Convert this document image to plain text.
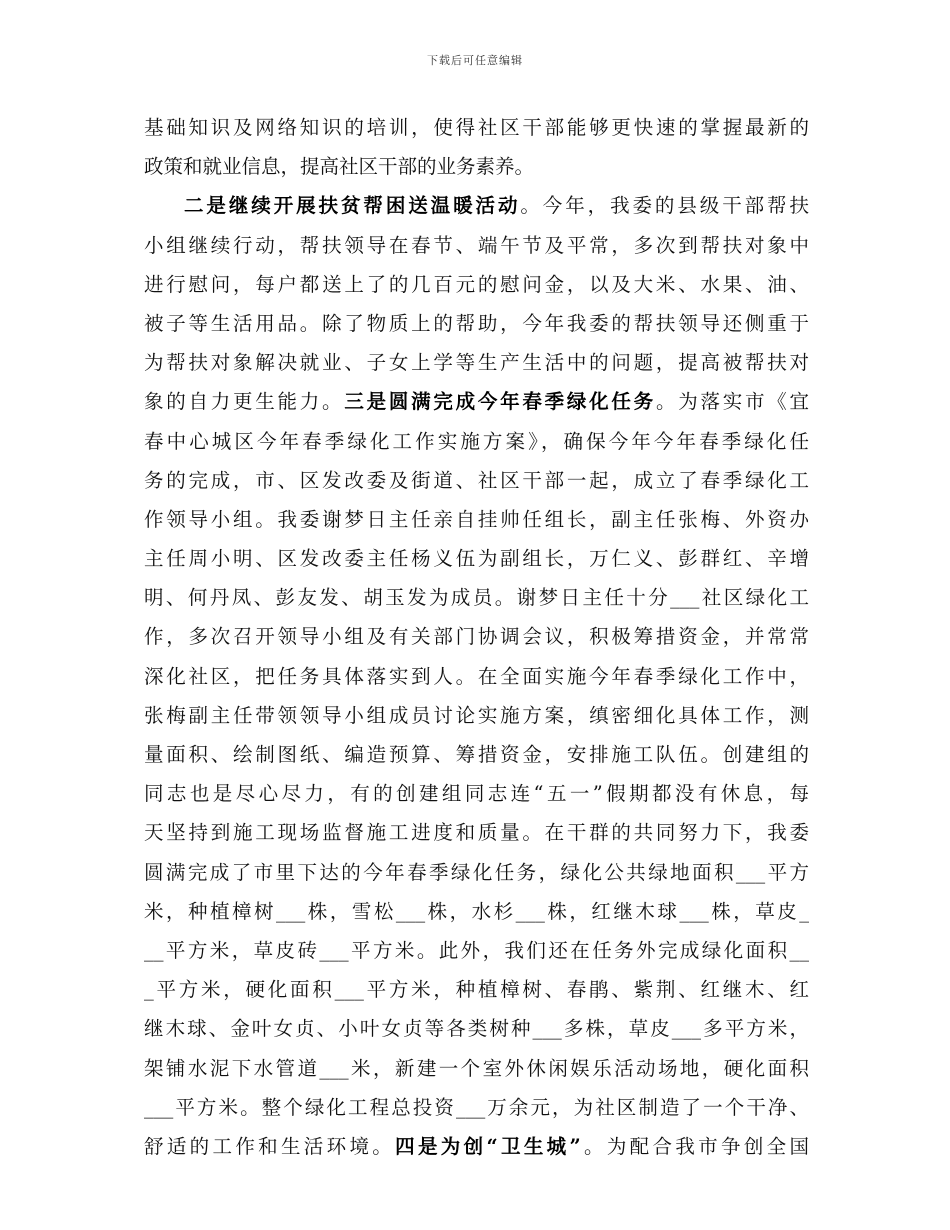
下载后可任意编辑
基础知识及网络知识的培训，使得社区干部能够更快速的掌握最新的
政策和就业信息，提高社区干部的业务素养。
二是继续开展扶贫帮困送温暖活动。今年，我委的县级干部帮扶
小组继续行动，帮扶领导在春节、端午节及平常，多次到帮扶对象中
进行慰问，每户都送上了的几百元的慰问金，以及大米、水果、油、
被子等生活用品。除了物质上的帮助，今年我委的帮扶领导还侧重于
为帮扶对象解决就业、子女上学等生产生活中的问题，提高被帮扶对
象的自力更生能力。三是圆满完成今年春季绿化任务。为落实市《宜
春中心城区今年春季绿化工作实施方案》，确保今年今年春季绿化任
务的完成，市、区发改委及街道、社区干部一起，成立了春季绿化工
作领导小组。我委谢梦日主任亲自挂帅任组长，副主任张梅、外资办
主任周小明、区发改委主任杨义伍为副组长，万仁义、彭群红、辛增
明、何丹凤、彭友发、胡玉发为成员。谢梦日主任十分___社区绿化工
作，多次召开领导小组及有关部门协调会议，积极筹措资金，并常常
深化社区，把任务具体落实到人。在全面实施今年春季绿化工作中，
张梅副主任带领领导小组成员讨论实施方案，缜密细化具体工作，测
量面积、绘制图纸、编造预算、筹措资金，安排施工队伍。创建组的
同志也是尽心尽力，有的创建组同志连“五一”假期都没有休息，每
天坚持到施工现场监督施工进度和质量。在干群的共同努力下，我委
圆满完成了市里下达的今年春季绿化任务，绿化公共绿地面积___平方
米，种植樟树___株，雪松___株，水杉___株，红继木球___株，草皮_
__平方米，草皮砖___平方米。此外，我们还在任务外完成绿化面积__
_平方米，硬化面积___平方米，种植樟树、春鹃、紫荆、红继木、红
继木球、金叶女贞、小叶女贞等各类树种___多株，草皮___多平方米，
架铺水泥下水管道___米，新建一个室外休闲娱乐活动场地，硬化面积
___平方米。整个绿化工程总投资___万余元，为社区制造了一个干净、
舒适的工作和生活环境。四是为创“卫生城”。为配合我市争创全国
